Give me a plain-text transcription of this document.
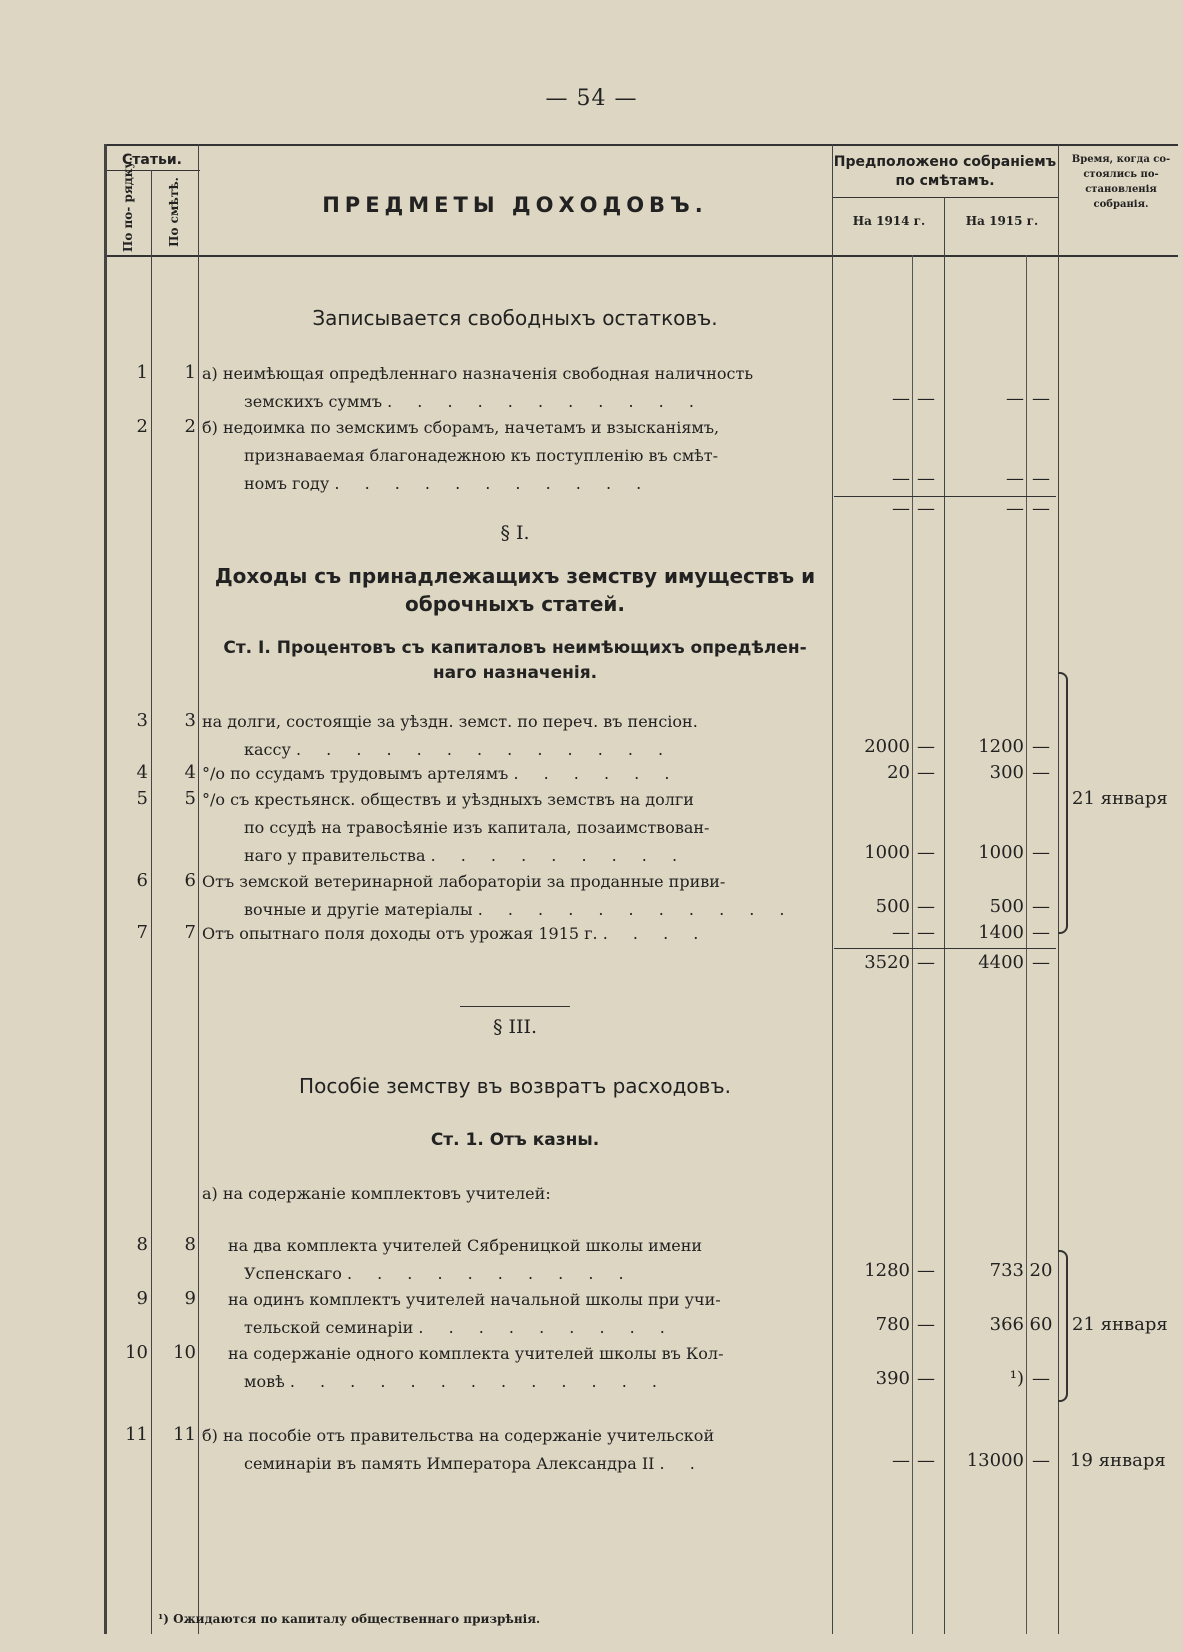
— 54 —
Статьи.
По по- рядку.	По смѣтѣ.	ПРЕДМЕТЫ ДОХОДОВЪ.
Предположено собраніемъ по смѣтамъ.
На 1914 г.	На 1915 г.
Время, когда со- стоялись по- становленія собранія.
Записывается свободныхъ остатковъ.
1	1 а) неимѣющая опредѣленнаго назначенія свободная наличность
земскихъ суммъ . . . . . . . . . . .	— —	— —
2	2 б) недоимка по земскимъ сборамъ, начетамъ и взысканіямъ,
признаваемая благонадежною къ поступленію въ смѣт-
номъ году . . . . . . . . . . .	— —	— —
— —	— —
§ I.
Доходы съ принадлежащихъ земству имуществъ и оброчныхъ статей.
Ст. I. Процентовъ съ капиталовъ неимѣющихъ опредѣлен- наго назначенія.
3	3 на долги, состоящіе за уѣздн. земст. по переч. въ пенсіон.
кассу . . . . . . . . . . . . .	2000 —	1200 —
4	4 °/о по ссудамъ трудовымъ артелямъ . . . . . .	20 —	300 —
5	5 °/о съ крестьянск. обществъ и уѣздныхъ земствъ на долги
по ссудѣ на травосѣяніе изъ капитала, позаимствован-
наго у правительства . . . . . . . . .	1000 —	1000 —
6	6 Отъ земской ветеринарной лабораторіи за проданные приви-
вочные и другіе матеріалы . . . . . . . . . . .	500 —	500 —
7	7 Отъ опытнаго поля доходы отъ урожая 1915 г. . . . .	— —	1400 —
21 января
3520 —	4400 —
§ III.
Пособіе земству въ возвратъ расходовъ.
Ст. 1. Отъ казны.
а) на содержаніе комплектовъ учителей:
8	8	на два комплекта учителей Сябреницкой школы имени
Успенскаго . . . . . . . . . .	1280 —	733 20
9	9	на одинъ комплектъ учителей начальной школы при учи-
тельской семинаріи . . . . . . . . .	780 —	366 60
10	10	на содержаніе одного комплекта учителей школы въ Кол-
мовѣ . . . . . . . . . . . . .	390 —	¹) —
21 января
11	11 б) на пособіе отъ правительства на содержаніе учительской
семинаріи въ память Императора Александра II . .	— —	13000 —	19 января
¹) Ожидаются по капиталу общественнаго призрѣнія.
